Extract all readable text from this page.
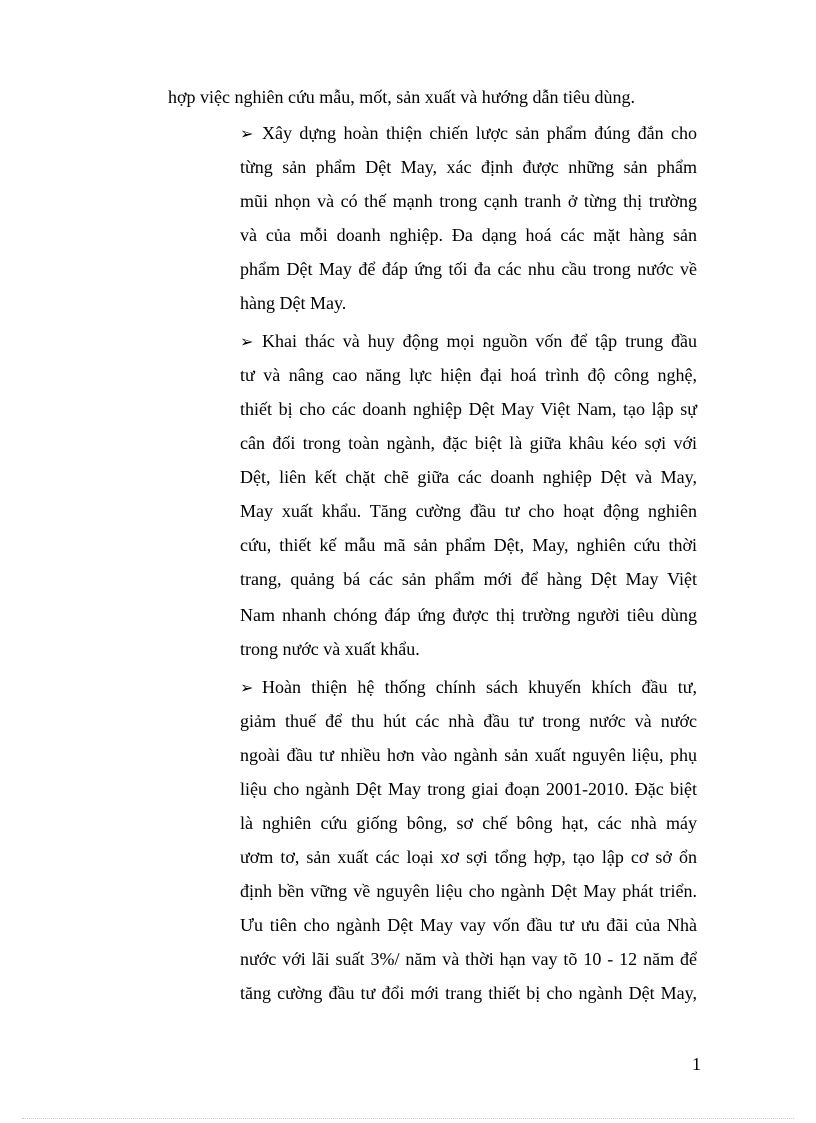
hợp việc nghiên cứu mẫu, mốt, sản xuất và hướng dẫn tiêu dùng.
➢ Xây dựng hoàn thiện chiến lược sản phẩm đúng đắn cho
từng sản phẩm Dệt May, xác định được những sản phẩm
mũi nhọn và có thế mạnh trong cạnh tranh ở từng thị trường
và của mỗi doanh nghiệp. Đa dạng hoá các mặt hàng sản
phẩm Dệt May để đáp ứng tối đa các nhu cầu trong nước về
hàng Dệt May.
➢ Khai thác và huy động mọi nguồn vốn để tập trung đầu
tư và nâng cao năng lực hiện đại hoá trình độ công nghệ,
thiết bị cho các doanh nghiệp Dệt May Việt Nam, tạo lập sự
cân đối trong toàn ngành, đặc biệt là giữa khâu kéo sợi với
Dệt, liên kết chặt chẽ giữa các doanh nghiệp Dệt và May,
May xuất khẩu. Tăng cường đầu tư cho hoạt động nghiên
cứu, thiết kế mẫu mã sản phẩm Dệt, May, nghiên cứu thời
trang, quảng bá các sản phẩm mới để hàng Dệt May Việt
Nam nhanh chóng đáp ứng được thị trường người tiêu dùng
trong nước và xuất khẩu.
➢ Hoàn thiện hệ thống chính sách khuyến khích đầu tư,
giảm thuế để thu hút các nhà đầu tư trong nước và nước
ngoài đầu tư nhiều hơn vào ngành sản xuất nguyên liệu, phụ
liệu cho ngành Dệt May trong giai đoạn 2001-2010. Đặc biệt
là nghiên cứu giống bông, sơ chế bông hạt, các nhà máy
ươm tơ, sản xuất các loại xơ sợi tổng hợp, tạo lập cơ sở ổn
định bền vững về nguyên liệu cho ngành Dệt May phát triển.
Ưu tiên cho ngành Dệt May vay vốn đầu tư ưu đãi của Nhà
nước với lãi suất 3%/ năm và thời hạn vay tõ 10 - 12 năm để
tăng cường đầu tư đổi mới trang thiết bị cho ngành Dệt May,
1
